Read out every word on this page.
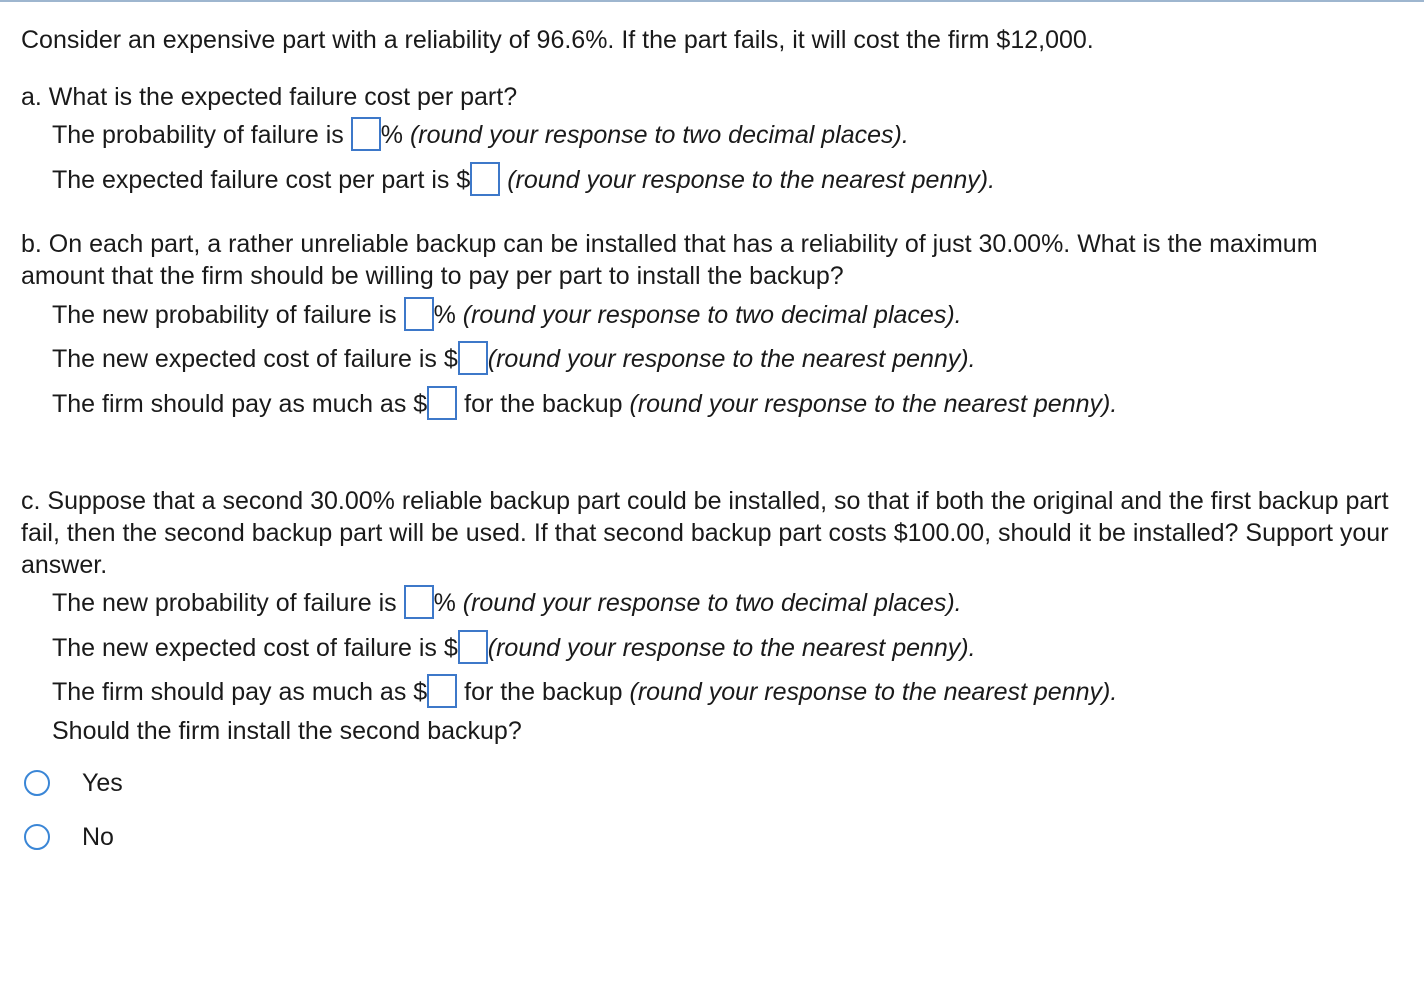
Consider an expensive part with a reliability of 96.6%. If the part fails, it will cost the firm $12,000.
a. What is the expected failure cost per part?
The probability of failure is % (round your response to two decimal places).
The expected failure cost per part is $ (round your response to the nearest penny).
b. On each part, a rather unreliable backup can be installed that has a reliability of just 30.00%. What is the maximum amount that the firm should be willing to pay per part to install the backup?
The new probability of failure is % (round your response to two decimal places).
The new expected cost of failure is $ (round your response to the nearest penny).
The firm should pay as much as $ for the backup (round your response to the nearest penny).
c. Suppose that a second 30.00% reliable backup part could be installed, so that if both the original and the first backup part fail, then the second backup part will be used. If that second backup part costs $100.00, should it be installed? Support your answer.
The new probability of failure is % (round your response to two decimal places).
The new expected cost of failure is $ (round your response to the nearest penny).
The firm should pay as much as $ for the backup (round your response to the nearest penny).
Should the firm install the second backup?
Yes
No
